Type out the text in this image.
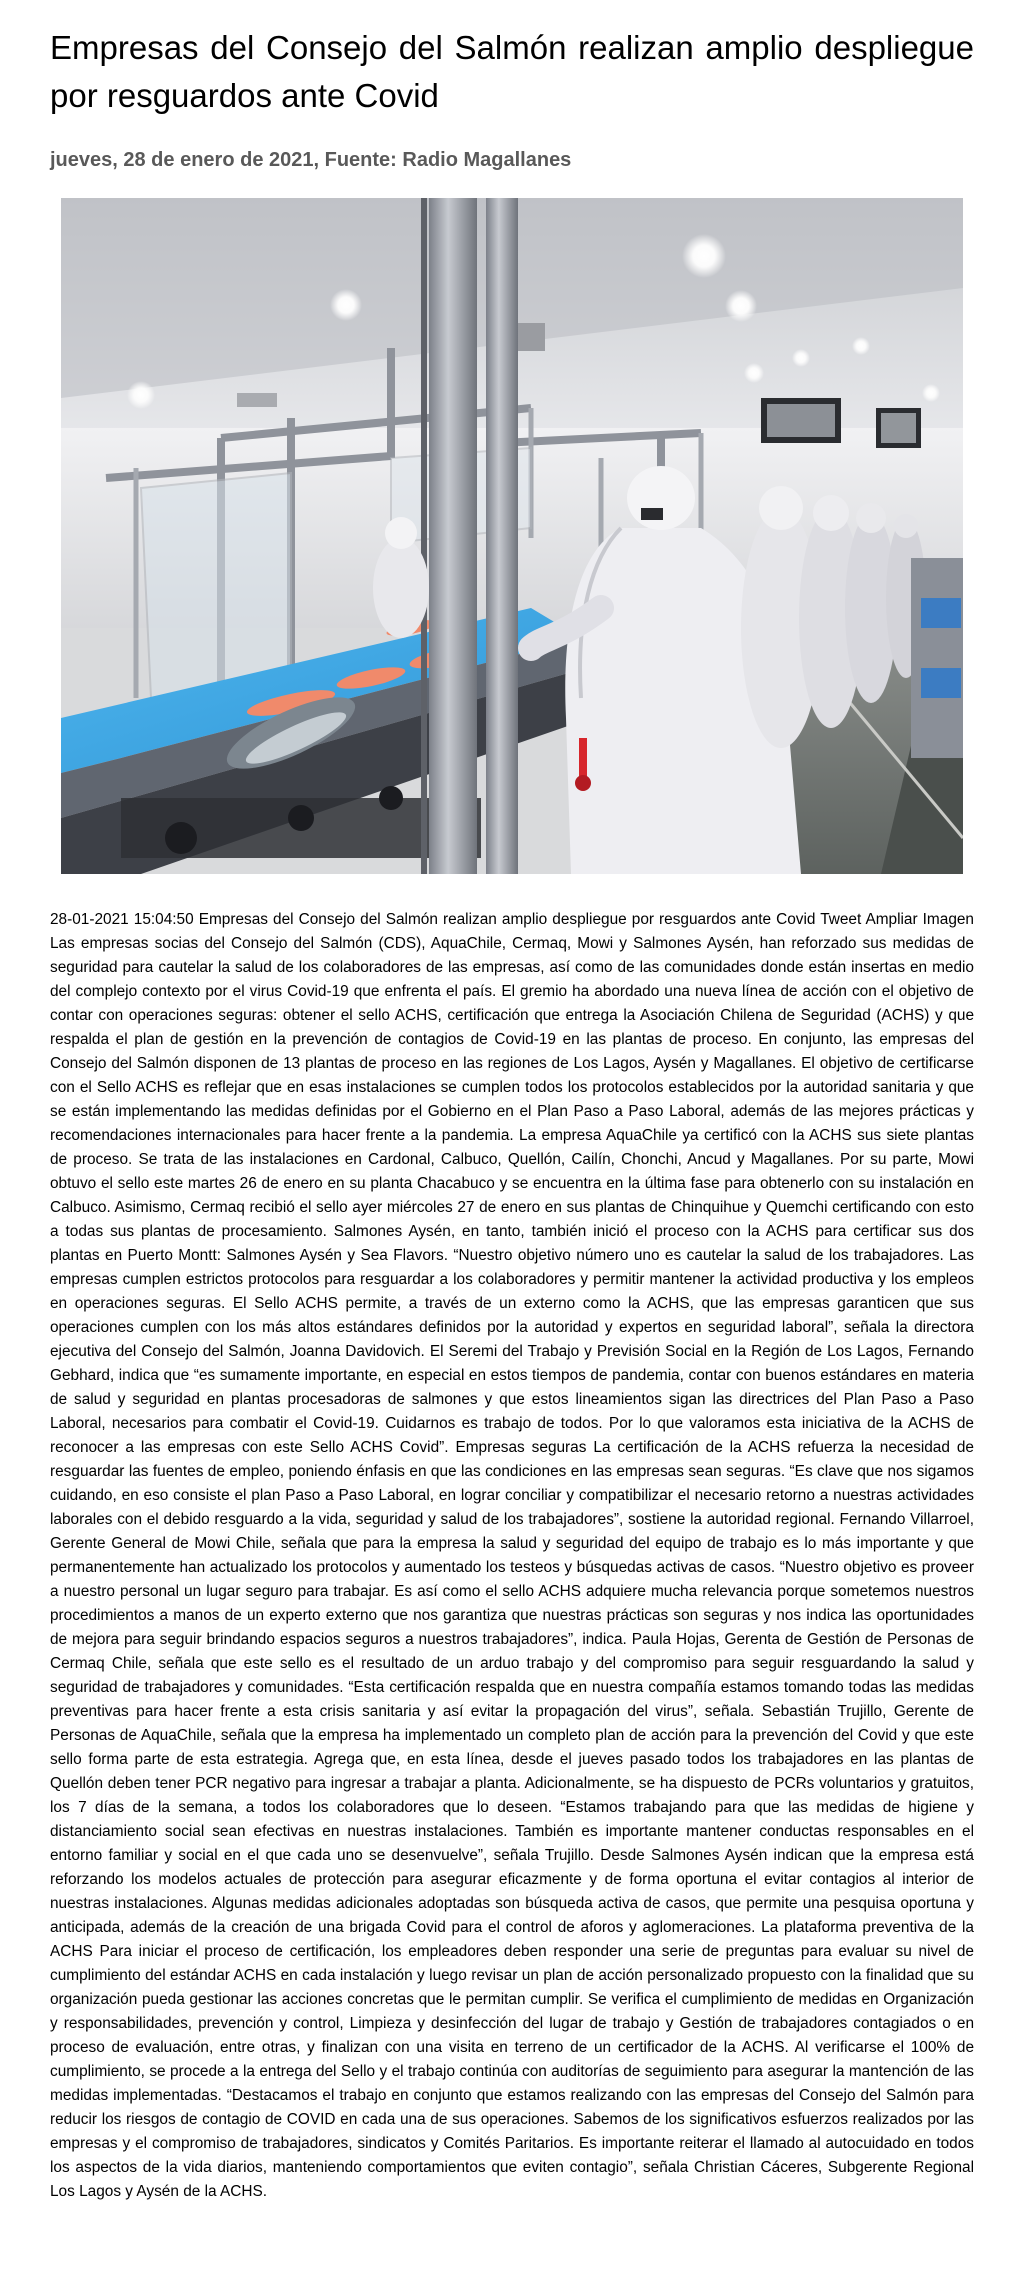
Empresas del Consejo del Salmón realizan amplio despliegue por resguardos ante Covid
jueves, 28 de enero de 2021, Fuente: Radio Magallanes

28-01-2021 15:04:50 Empresas del Consejo del Salmón realizan amplio despliegue por resguardos ante Covid Tweet Ampliar Imagen Las empresas socias del Consejo del Salmón (CDS), AquaChile, Cermaq, Mowi y Salmones Aysén, han reforzado sus medidas de seguridad para cautelar la salud de los colaboradores de las empresas, así como de las comunidades donde están insertas en medio del complejo contexto por el virus Covid-19 que enfrenta el país. El gremio ha abordado una nueva línea de acción con el objetivo de contar con operaciones seguras: obtener el sello ACHS, certificación que entrega la Asociación Chilena de Seguridad (ACHS) y que respalda el plan de gestión en la prevención de contagios de Covid-19 en las plantas de proceso. En conjunto, las empresas del Consejo del Salmón disponen de 13 plantas de proceso en las regiones de Los Lagos, Aysén y Magallanes. El objetivo de certificarse con el Sello ACHS es reflejar que en esas instalaciones se cumplen todos los protocolos establecidos por la autoridad sanitaria y que se están implementando las medidas definidas por el Gobierno en el Plan Paso a Paso Laboral, además de las mejores prácticas y recomendaciones internacionales para hacer frente a la pandemia. La empresa AquaChile ya certificó con la ACHS sus siete plantas de proceso. Se trata de las instalaciones en Cardonal, Calbuco, Quellón, Cailín, Chonchi, Ancud y Magallanes. Por su parte, Mowi obtuvo el sello este martes 26 de enero en su planta Chacabuco y se encuentra en la última fase para obtenerlo con su instalación en Calbuco. Asimismo, Cermaq recibió el sello ayer miércoles 27 de enero en sus plantas de Chinquihue y Quemchi certificando con esto a todas sus plantas de procesamiento. Salmones Aysén, en tanto, también inició el proceso con la ACHS para certificar sus dos plantas en Puerto Montt: Salmones Aysén y Sea Flavors. “Nuestro objetivo número uno es cautelar la salud de los trabajadores. Las empresas cumplen estrictos protocolos para resguardar a los colaboradores y permitir mantener la actividad productiva y los empleos en operaciones seguras. El Sello ACHS permite, a través de un externo como la ACHS, que las empresas garanticen que sus operaciones cumplen con los más altos estándares definidos por la autoridad y expertos en seguridad laboral”, señala la directora ejecutiva del Consejo del Salmón, Joanna Davidovich. El Seremi del Trabajo y Previsión Social en la Región de Los Lagos, Fernando Gebhard, indica que “es sumamente importante, en especial en estos tiempos de pandemia, contar con buenos estándares en materia de salud y seguridad en plantas procesadoras de salmones y que estos lineamientos sigan las directrices del Plan Paso a Paso Laboral, necesarios para combatir el Covid-19. Cuidarnos es trabajo de todos. Por lo que valoramos esta iniciativa de la ACHS de reconocer a las empresas con este Sello ACHS Covid”. Empresas seguras La certificación de la ACHS refuerza la necesidad de resguardar las fuentes de empleo, poniendo énfasis en que las condiciones en las empresas sean seguras. “Es clave que nos sigamos cuidando, en eso consiste el plan Paso a Paso Laboral, en lograr conciliar y compatibilizar el necesario retorno a nuestras actividades laborales con el debido resguardo a la vida, seguridad y salud de los trabajadores”, sostiene la autoridad regional. Fernando Villarroel, Gerente General de Mowi Chile, señala que para la empresa la salud y seguridad del equipo de trabajo es lo más importante y que permanentemente han actualizado los protocolos y aumentado los testeos y búsquedas activas de casos. “Nuestro objetivo es proveer a nuestro personal un lugar seguro para trabajar. Es así como el sello ACHS adquiere mucha relevancia porque sometemos nuestros procedimientos a manos de un experto externo que nos garantiza que nuestras prácticas son seguras y nos indica las oportunidades de mejora para seguir brindando espacios seguros a nuestros trabajadores”, indica. Paula Hojas, Gerenta de Gestión de Personas de Cermaq Chile, señala que este sello es el resultado de un arduo trabajo y del compromiso para seguir resguardando la salud y seguridad de trabajadores y comunidades. “Esta certificación respalda que en nuestra compañía estamos tomando todas las medidas preventivas para hacer frente a esta crisis sanitaria y así evitar la propagación del virus”, señala. Sebastián Trujillo, Gerente de Personas de AquaChile, señala que la empresa ha implementado un completo plan de acción para la prevención del Covid y que este sello forma parte de esta estrategia. Agrega que, en esta línea, desde el jueves pasado todos los trabajadores en las plantas de Quellón deben tener PCR negativo para ingresar a trabajar a planta. Adicionalmente, se ha dispuesto de PCRs voluntarios y gratuitos, los 7 días de la semana, a todos los colaboradores que lo deseen. “Estamos trabajando para que las medidas de higiene y distanciamiento social sean efectivas en nuestras instalaciones. También es importante mantener conductas responsables en el entorno familiar y social en el que cada uno se desenvuelve”, señala Trujillo. Desde Salmones Aysén indican que la empresa está reforzando los modelos actuales de protección para asegurar eficazmente y de forma oportuna el evitar contagios al interior de nuestras instalaciones. Algunas medidas adicionales adoptadas son búsqueda activa de casos, que permite una pesquisa oportuna y anticipada, además de la creación de una brigada Covid para el control de aforos y aglomeraciones. La plataforma preventiva de la ACHS Para iniciar el proceso de certificación, los empleadores deben responder una serie de preguntas para evaluar su nivel de cumplimiento del estándar ACHS en cada instalación y luego revisar un plan de acción personalizado propuesto con la finalidad que su organización pueda gestionar las acciones concretas que le permitan cumplir. Se verifica el cumplimiento de medidas en Organización y responsabilidades, prevención y control, Limpieza y desinfección del lugar de trabajo y Gestión de trabajadores contagiados o en proceso de evaluación, entre otras, y finalizan con una visita en terreno de un certificador de la ACHS. Al verificarse el 100% de cumplimiento, se procede a la entrega del Sello y el trabajo continúa con auditorías de seguimiento para asegurar la mantención de las medidas implementadas. “Destacamos el trabajo en conjunto que estamos realizando con las empresas del Consejo del Salmón para reducir los riesgos de contagio de COVID en cada una de sus operaciones. Sabemos de los significativos esfuerzos realizados por las empresas y el compromiso de trabajadores, sindicatos y Comités Paritarios. Es importante reiterar el llamado al autocuidado en todos los aspectos de la vida diarios, manteniendo comportamientos que eviten contagio”, señala Christian Cáceres, Subgerente Regional Los Lagos y Aysén de la ACHS.
